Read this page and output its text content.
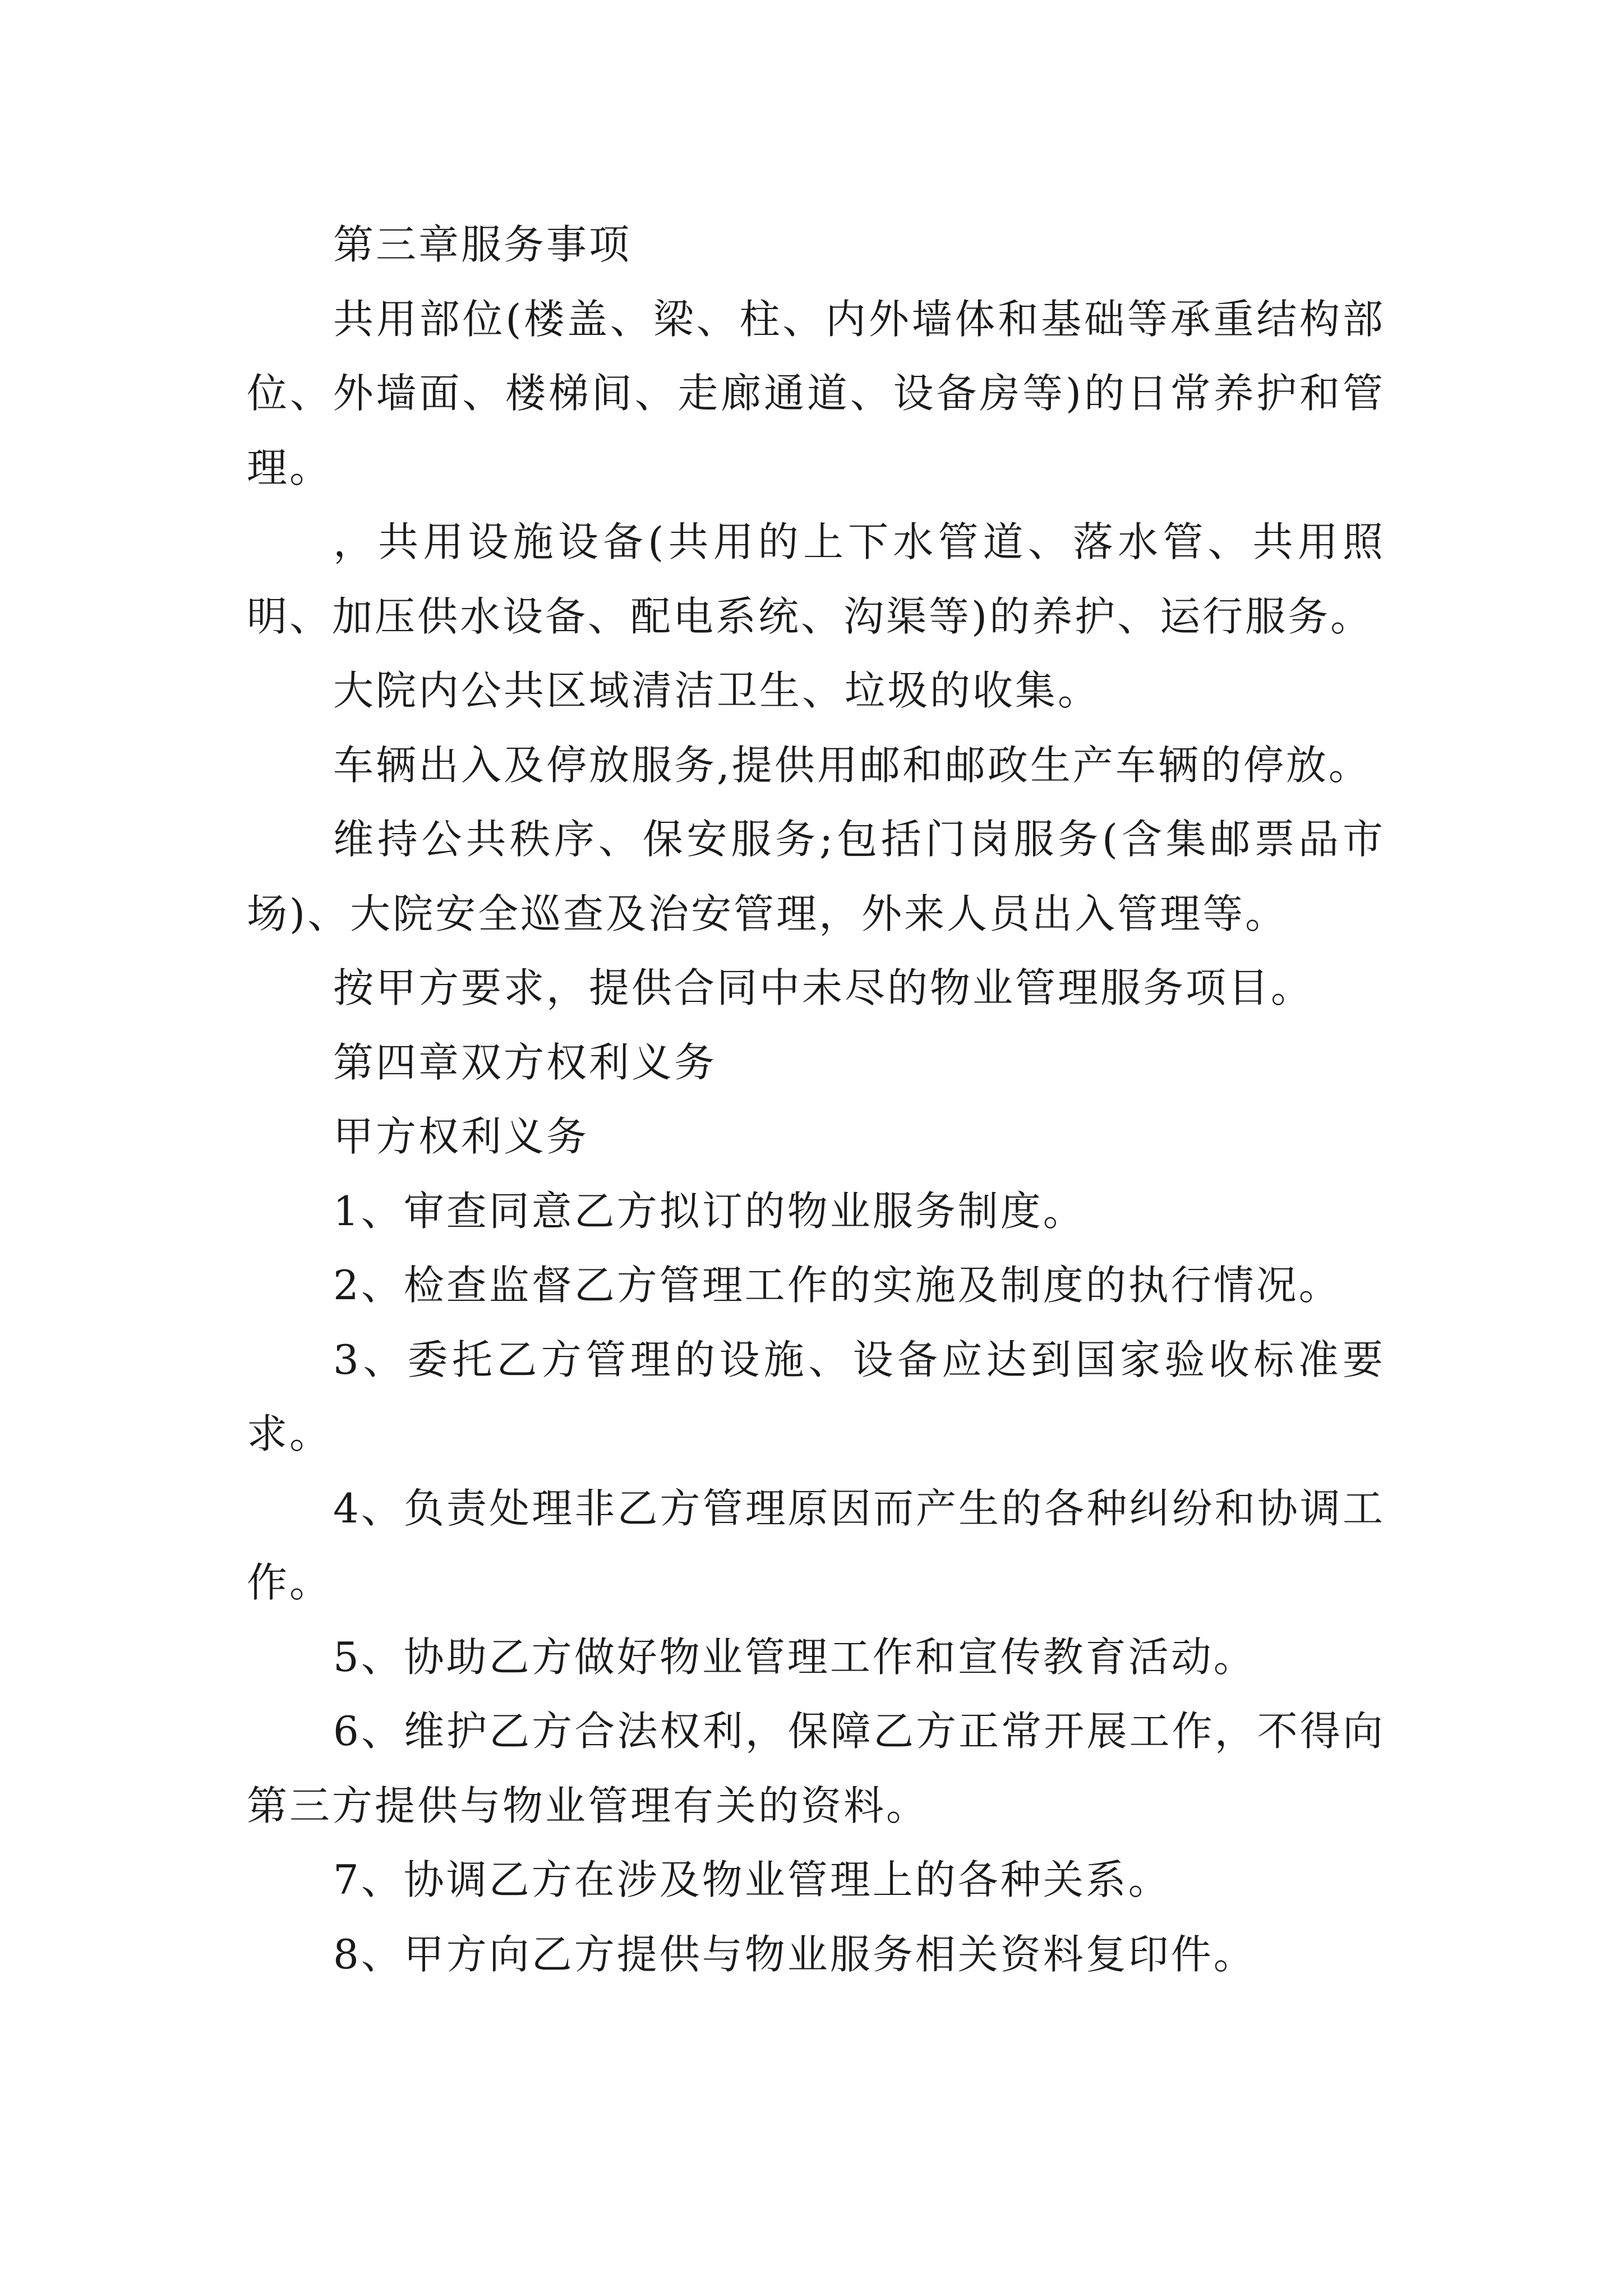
第三章服务事项

共用部位(楼盖、梁、柱、内外墙体和基础等承重结构部位、外墙面、楼梯间、走廊通道、设备房等)的日常养护和管理。

，共用设施设备(共用的上下水管道、落水管、共用照明、加压供水设备、配电系统、沟渠等)的养护、运行服务。

大院内公共区域清洁卫生、垃圾的收集。

车辆出入及停放服务,提供用邮和邮政生产车辆的停放。

维持公共秩序、保安服务;包括门岗服务(含集邮票品市场)、大院安全巡查及治安管理，外来人员出入管理等。

按甲方要求，提供合同中未尽的物业管理服务项目。

第四章双方权利义务

甲方权利义务

1、审查同意乙方拟订的物业服务制度。

2、检查监督乙方管理工作的实施及制度的执行情况。

3、委托乙方管理的设施、设备应达到国家验收标准要求。

4、负责处理非乙方管理原因而产生的各种纠纷和协调工作。

5、协助乙方做好物业管理工作和宣传教育活动。

6、维护乙方合法权利，保障乙方正常开展工作，不得向第三方提供与物业管理有关的资料。

7、协调乙方在涉及物业管理上的各种关系。

8、甲方向乙方提供与物业服务相关资料复印件。
